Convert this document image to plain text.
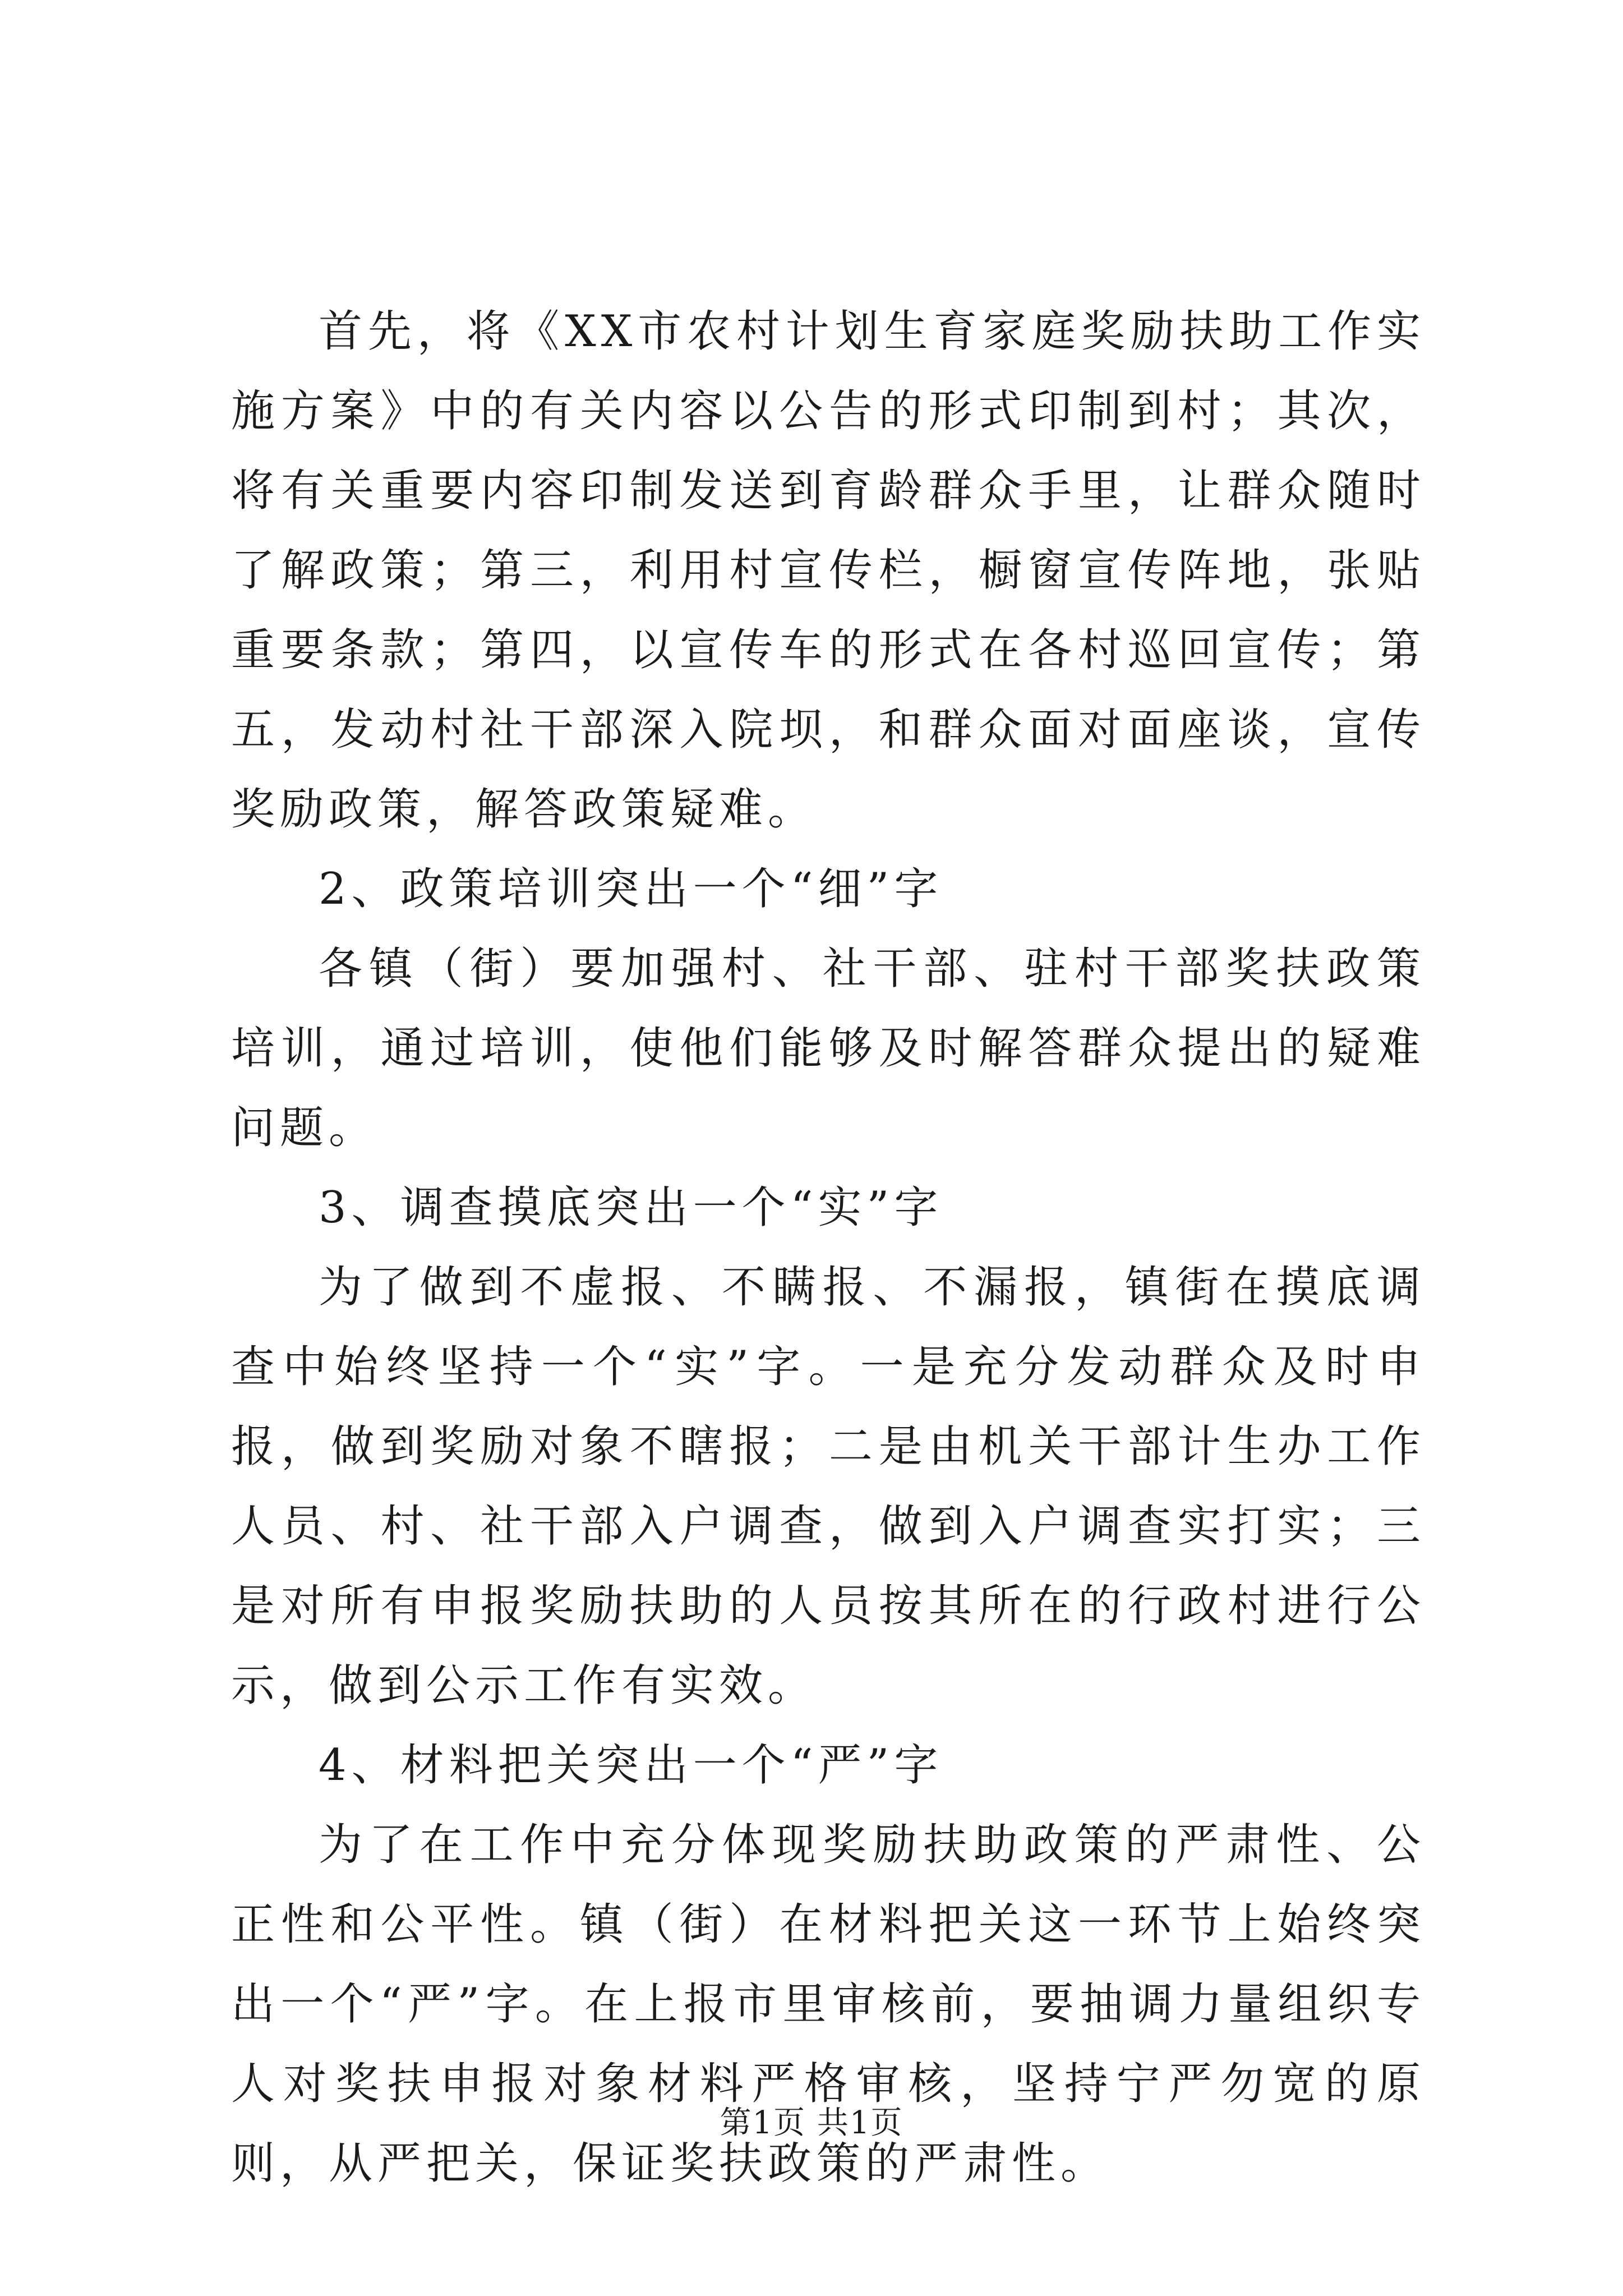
首先，将《XX市农村计划生育家庭奖励扶助工作实施方案》中的有关内容以公告的形式印制到村；其次，将有关重要内容印制发送到育龄群众手里，让群众随时了解政策；第三，利用村宣传栏，橱窗宣传阵地，张贴重要条款；第四，以宣传车的形式在各村巡回宣传；第五，发动村社干部深入院坝，和群众面对面座谈，宣传奖励政策，解答政策疑难。

2、政策培训突出一个“细”字

各镇（街）要加强村、社干部、驻村干部奖扶政策培训，通过培训，使他们能够及时解答群众提出的疑难问题。

3、调查摸底突出一个“实”字

为了做到不虚报、不瞒报、不漏报，镇街在摸底调查中始终坚持一个“实”字。一是充分发动群众及时申报，做到奖励对象不瞎报；二是由机关干部计生办工作人员、村、社干部入户调查，做到入户调查实打实；三是对所有申报奖励扶助的人员按其所在的行政村进行公示，做到公示工作有实效。

4、材料把关突出一个“严”字

为了在工作中充分体现奖励扶助政策的严肃性、公正性和公平性。镇（街）在材料把关这一环节上始终突出一个“严”字。在上报市里审核前，要抽调力量组织专人对奖扶申报对象材料严格审核，坚持宁严勿宽的原则，从严把关，保证奖扶政策的严肃性。

第1页 共1页
